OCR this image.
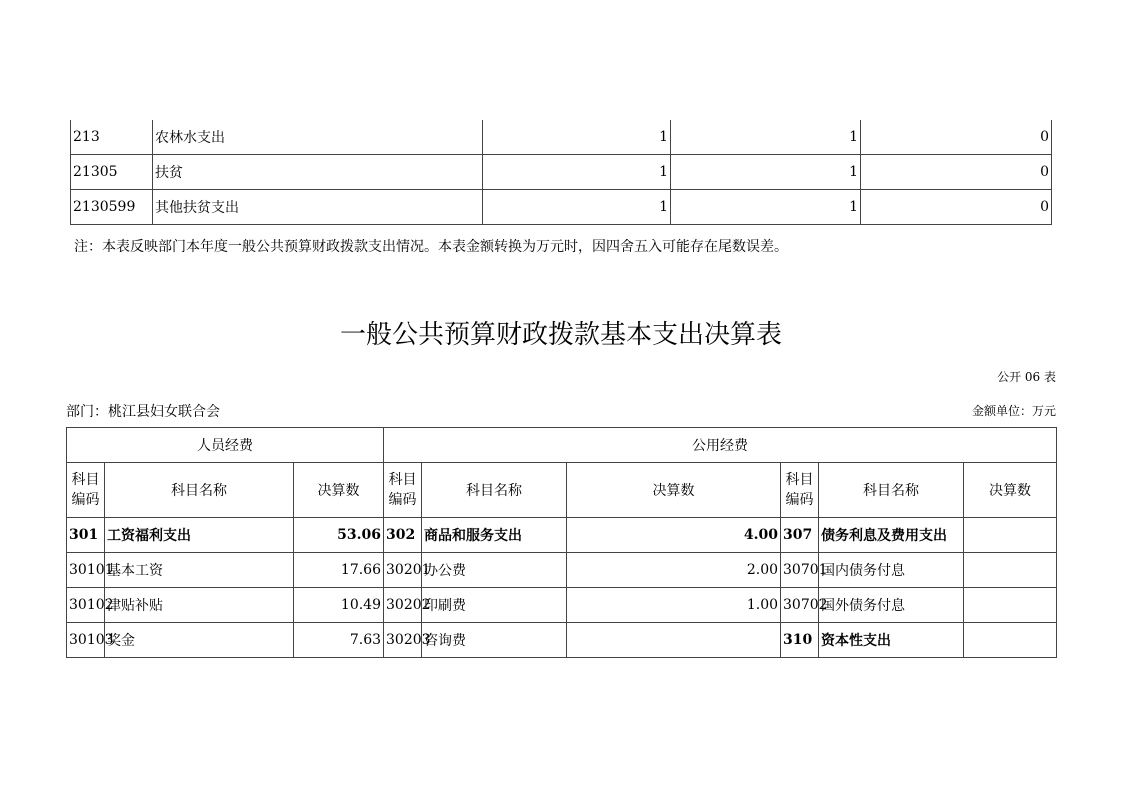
213	农林水支出	1	1	0
21305	扶贫	1	1	0
2130599	其他扶贫支出	1	1	0
注：本表反映部门本年度一般公共预算财政拨款支出情况。本表金额转换为万元时，因四舍五入可能存在尾数误差。
一般公共预算财政拨款基本支出决算表
公开 06 表
部门：桃江县妇女联合会	金额单位：万元
人员经费			公用经费					
科目编码	科目名称	决算数	科目编码	科目名称	决算数	科目编码	科目名称	决算数
301	工资福利支出	53.06	302	商品和服务支出	4.00	307	债务利息及费用支出	
30101	基本工资	17.66	30201	办公费	2.00	30701	国内债务付息	
30102	津贴补贴	10.49	30202	印刷费	1.00	30702	国外债务付息	
30103	奖金	7.63	30203	咨询费		310	资本性支出	
